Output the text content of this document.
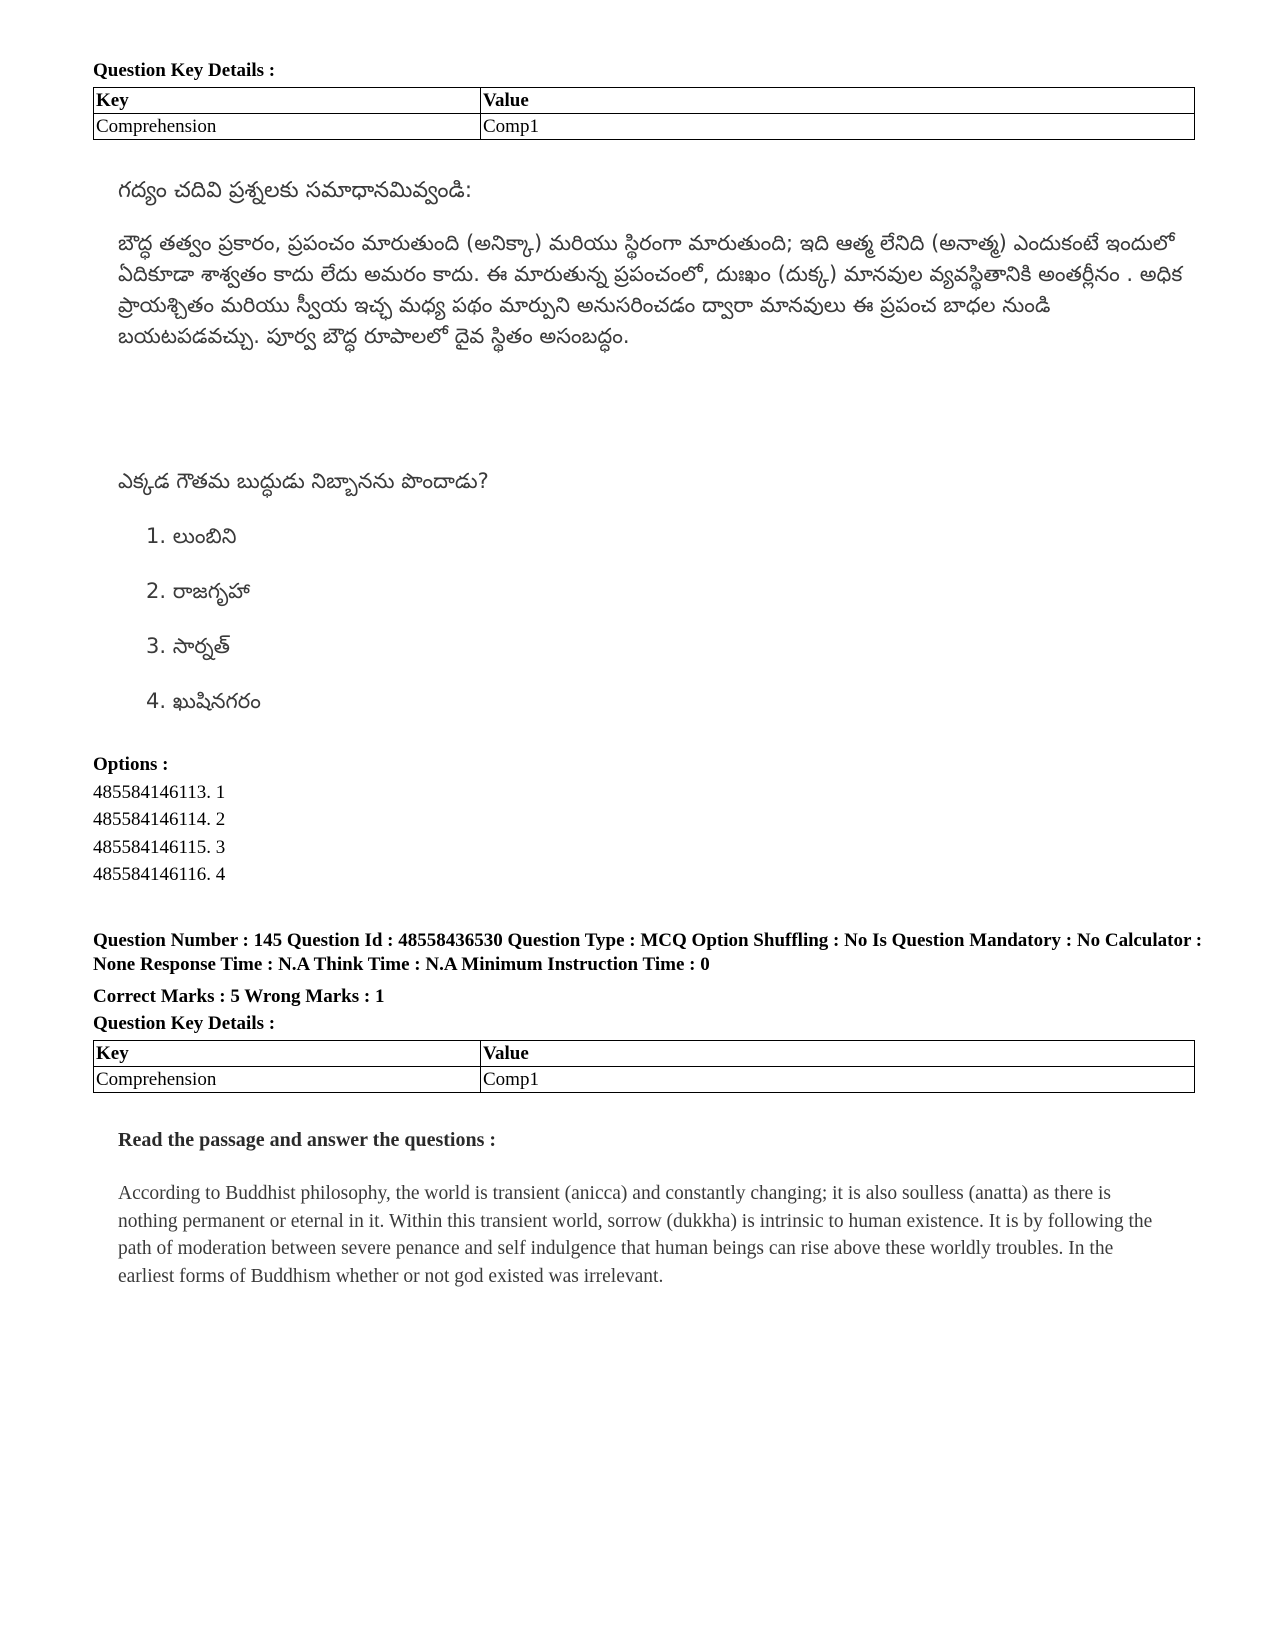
Question Key Details :
Key	Value
Comprehension	Comp1
గద్యం చదివి ప్రశ్నలకు సమాధానమివ్వండి:
బౌద్ధ తత్వం ప్రకారం, ప్రపంచం మారుతుంది (అనిక్కా) మరియు స్థిరంగా మారుతుంది; ఇది ఆత్మ లేనిది (అనాత్మ) ఎందుకంటే ఇందులో ఏదికూడా శాశ్వతం కాదు లేదు అమరం కాదు. ఈ మారుతున్న ప్రపంచంలో, దుఃఖం (దుక్క) మానవుల వ్యవస్థితానికి అంతర్లీనం . అధిక ప్రాయశ్చితం మరియు స్వీయ ఇచ్ఛ మధ్య పథం మార్పుని అనుసరించడం ద్వారా మానవులు ఈ ప్రపంచ బాధల నుండి బయటపడవచ్చు. పూర్వ బౌద్ధ రూపాలలో దైవ స్థితం అసంబద్ధం.
ఎక్కడ గౌతమ బుద్ధుడు నిబ్బానను పొందాడు?
1. లుంబిని
2. రాజగృహా
3. సార్నత్
4. ఖుషినగరం
Options :
485584146113. 1
485584146114. 2
485584146115. 3
485584146116. 4
Question Number : 145 Question Id : 48558436530 Question Type : MCQ Option Shuffling : No Is Question Mandatory : No Calculator : None Response Time : N.A Think Time : N.A Minimum Instruction Time : 0
Correct Marks : 5 Wrong Marks : 1
Question Key Details :
Key	Value
Comprehension	Comp1
Read the passage and answer the questions :
According to Buddhist philosophy, the world is transient (anicca) and constantly changing; it is also soulless (anatta) as there is nothing permanent or eternal in it. Within this transient world, sorrow (dukkha) is intrinsic to human existence. It is by following the path of moderation between severe penance and self indulgence that human beings can rise above these worldly troubles. In the earliest forms of Buddhism whether or not god existed was irrelevant.
